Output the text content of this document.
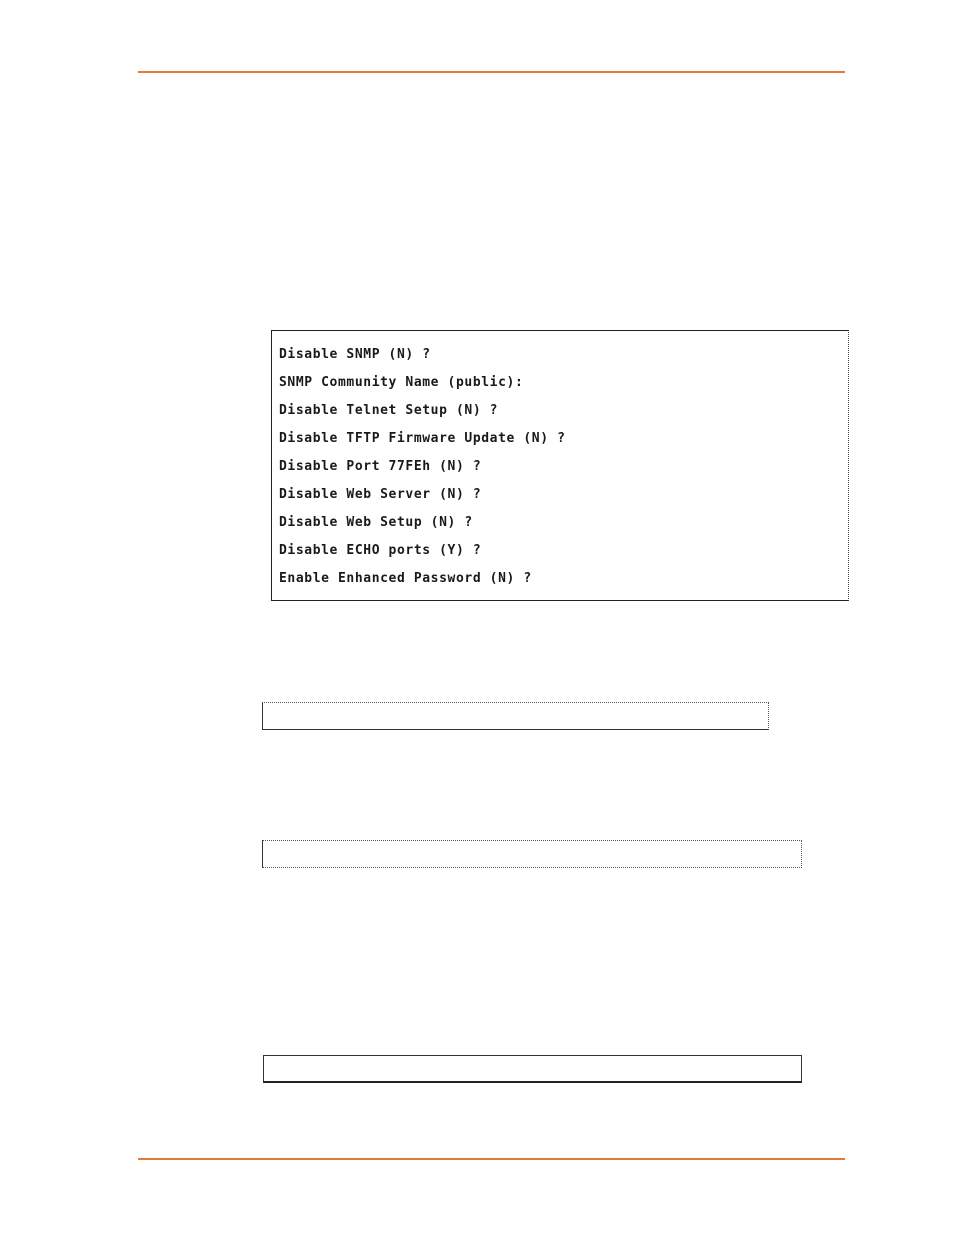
Disable SNMP (N) ?
SNMP Community Name (public):
Disable Telnet Setup (N) ?
Disable TFTP Firmware Update (N) ?
Disable Port 77FEh (N) ?
Disable Web Server (N) ?
Disable Web Setup (N) ?
Disable ECHO ports (Y) ?
Enable Enhanced Password (N) ?
